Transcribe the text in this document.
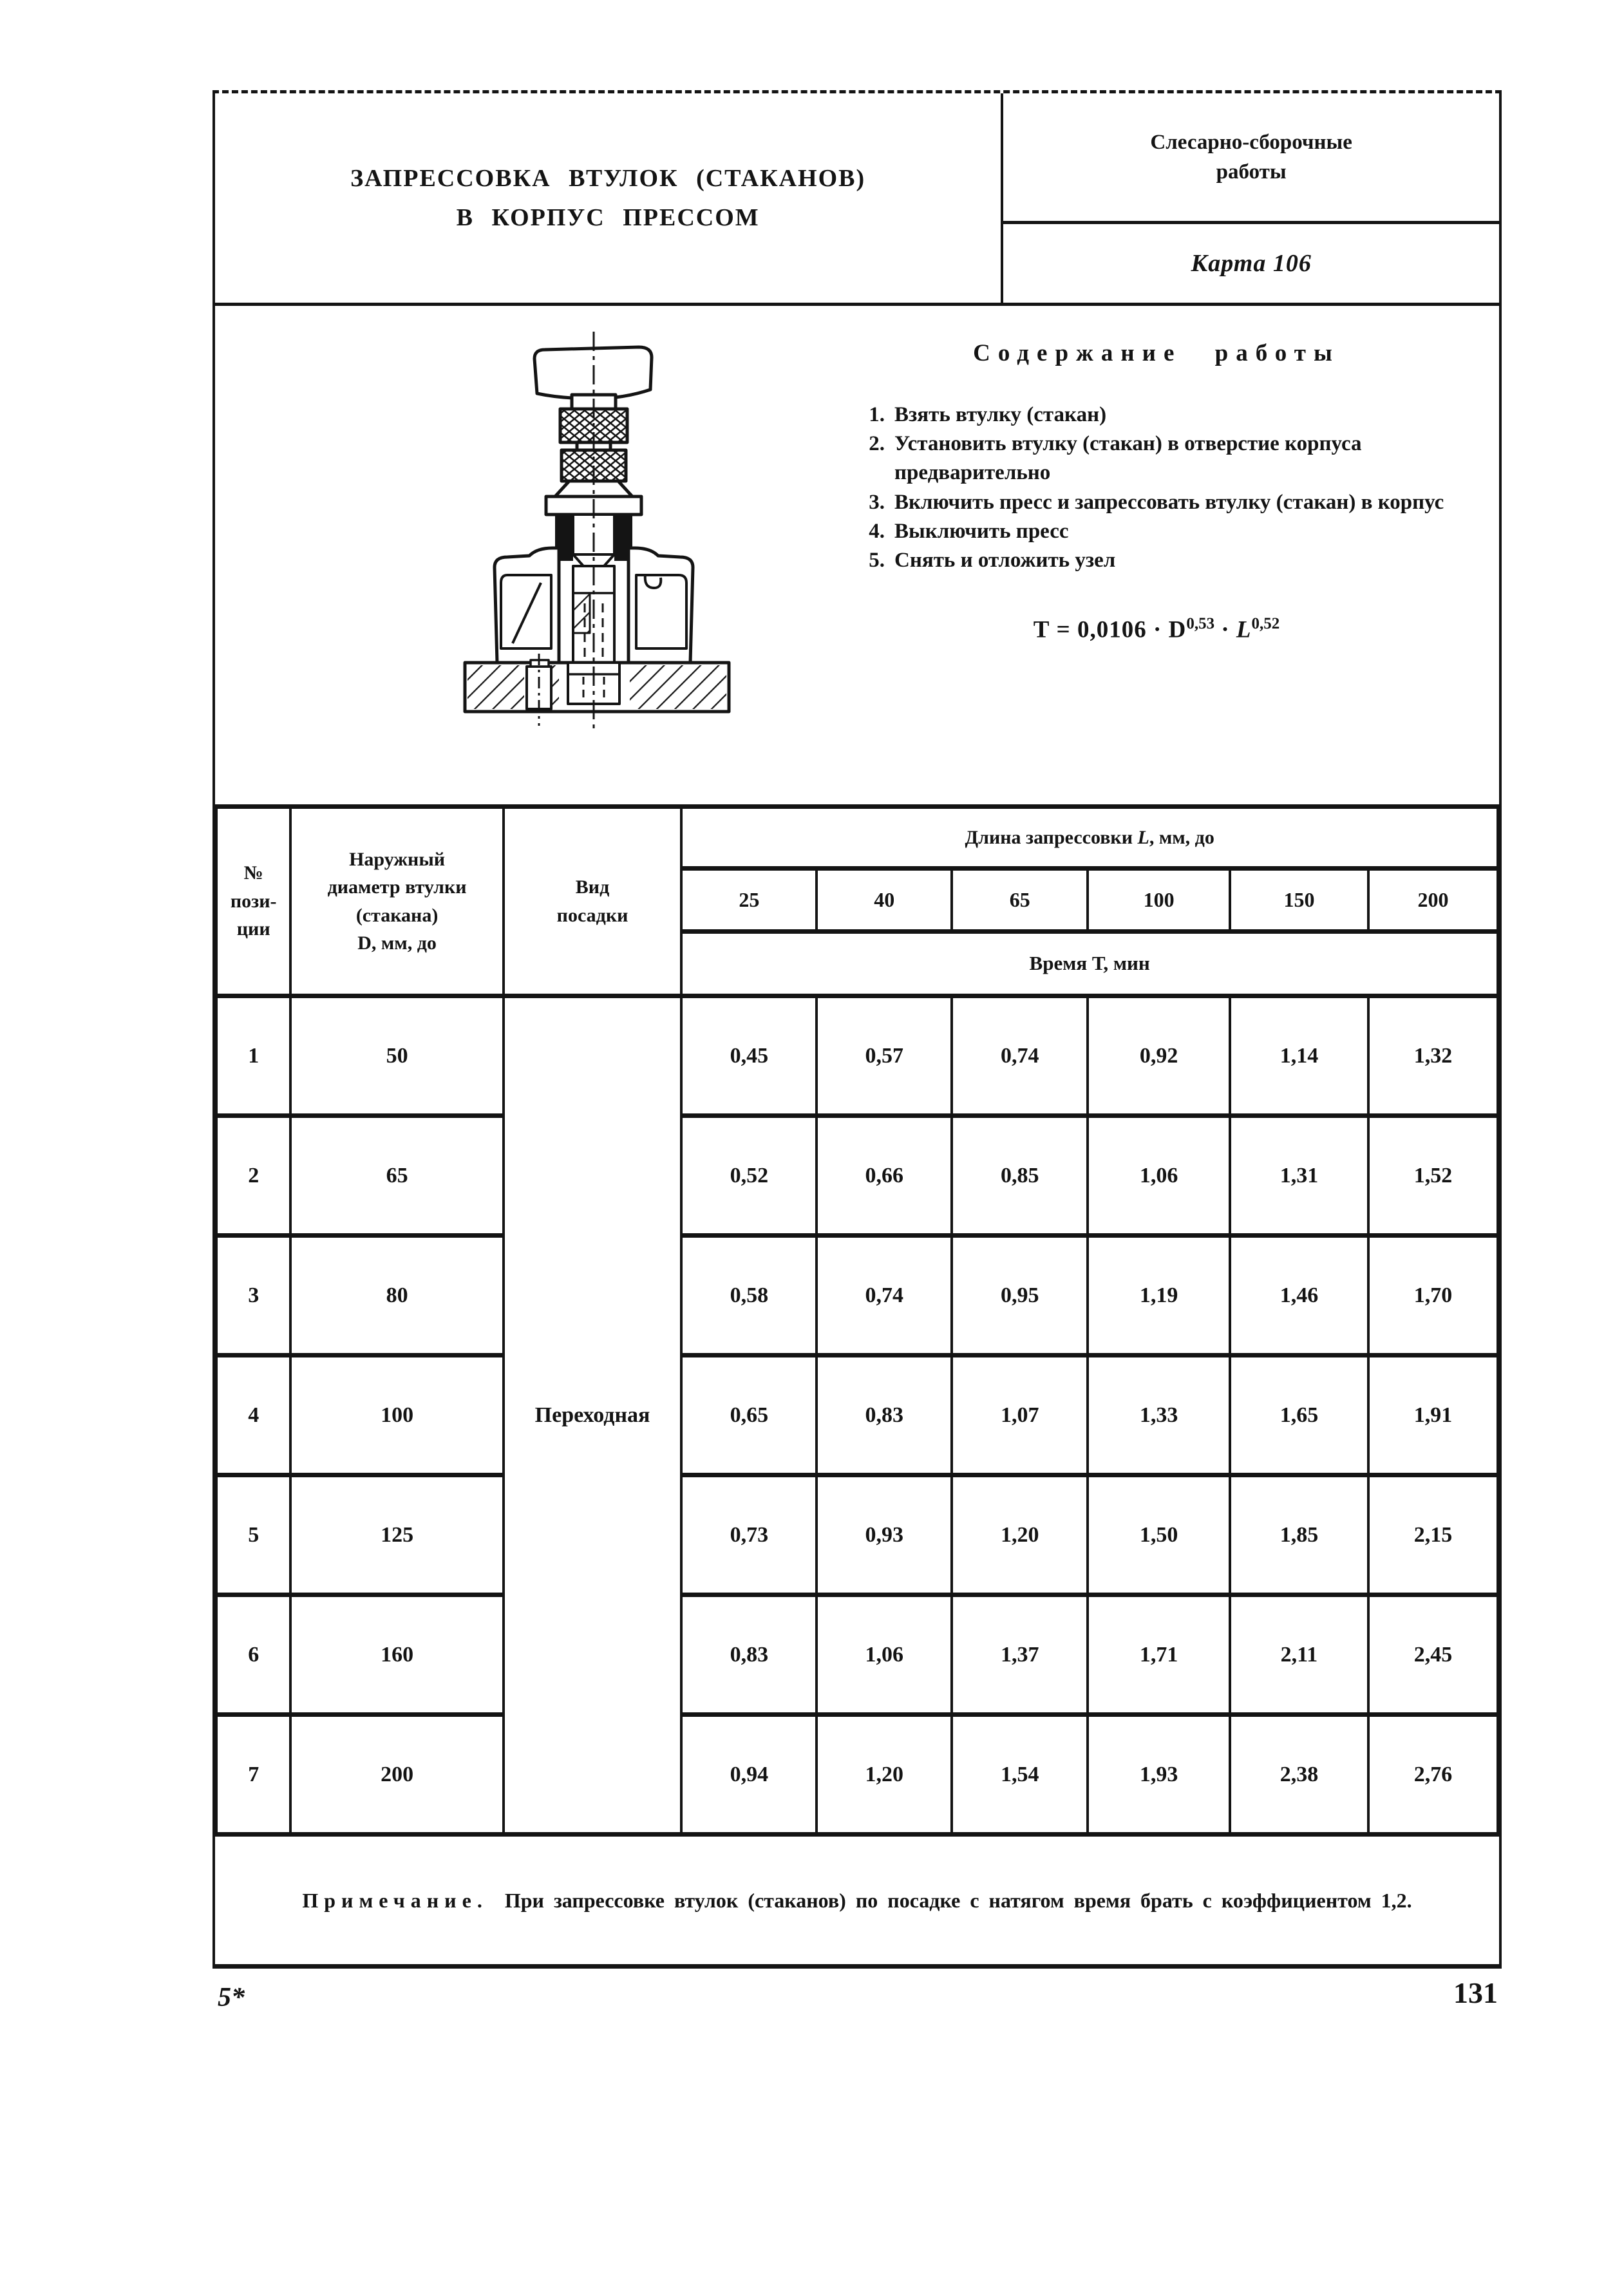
ЗАПРЕССОВКА ВТУЛОК (СТАКАНОВ)
В КОРПУС ПРЕССОМ
Слесарно-сборочные
работы
Карта 106
Содержание работы
1. Взять втулку (стакан)
2. Установить втулку (стакан) в отверстие корпуса предварительно
3. Включить пресс и запрессовать втулку (стакан) в корпус
4. Выключить пресс
5. Снять и отложить узел
Т = 0,0106 · D$^{0,53}$ · L$^{0,52}$
№
пози-
ции	Наружный
диаметр втулки
(стакана)
D, мм, до	Вид
посадки	Длина запрессовки L, мм, до					
			25	40	65	100	150	200
			Время Т, мин					
1	50	Переходная	0,45	0,57	0,74	0,92	1,14	1,32
2	65		0,52	0,66	0,85	1,06	1,31	1,52
3	80		0,58	0,74	0,95	1,19	1,46	1,70
4	100		0,65	0,83	1,07	1,33	1,65	1,91
5	125		0,73	0,93	1,20	1,50	1,85	2,15
6	160		0,83	1,06	1,37	1,71	2,11	2,45
7	200		0,94	1,20	1,54	1,93	2,38	2,76
Примечание. При запрессовке втулок (стаканов) по посадке с натягом время брать с коэффициентом 1,2.
5*	131
